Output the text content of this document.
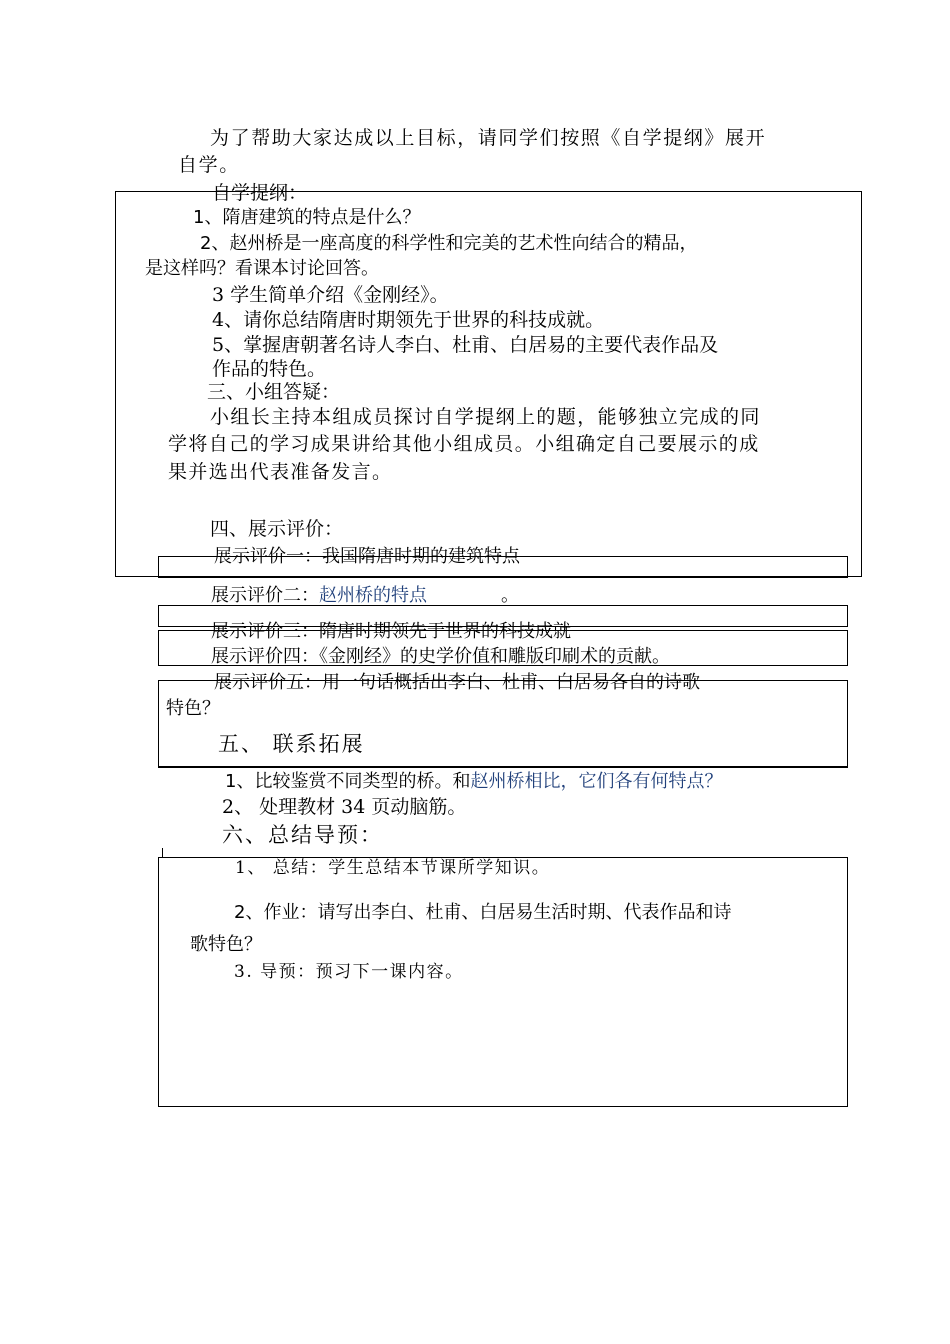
为了帮助大家达成以上目标，请同学们按照《自学提纲》展开
自学。
自学提纲：
1、隋唐建筑的特点是什么？
2、赵州桥是一座高度的科学性和完美的艺术性向结合的精品，
是这样吗？看课本讨论回答。
3 学生简单介绍《金刚经》。
4、请你总结隋唐时期领先于世界的科技成就。
5、掌握唐朝著名诗人李白、杜甫、白居易的主要代表作品及
作品的特色。
三、小组答疑：
小组长主持本组成员探讨自学提纲上的题，能够独立完成的同
学将自己的学习成果讲给其他小组成员。小组确定自己要展示的成
果并选出代表准备发言。
四、展示评价：
展示评价一：我国隋唐时期的建筑特点
展示评价二：赵州桥的特点	。
展示评价三：隋唐时期领先于世界的科技成就
展示评价四：《金刚经》的史学价值和雕版印刷术的贡献。
展示评价五：用一句话概括出李白、杜甫、白居易各自的诗歌
特色？
五、 联系拓展
1、比较鉴赏不同类型的桥。和赵州桥相比，它们各有何特点？
2、 处理教材 34 页动脑筋。
六、总结导预：
1、 总结：学生总结本节课所学知识。
2、作业：请写出李白、杜甫、白居易生活时期、代表作品和诗
歌特色？
3. 导预：预习下一课内容。
